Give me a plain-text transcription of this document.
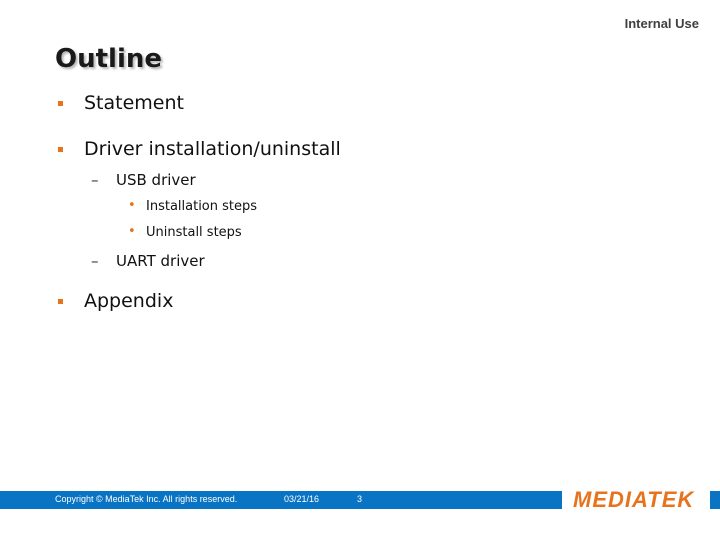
Internal Use
Outline
Statement
Driver installation/uninstall
– USB driver
• Installation steps
• Uninstall steps
– UART driver
Appendix
Copyright © MediaTek Inc. All rights reserved.	03/21/16	3	MEDIATEK
